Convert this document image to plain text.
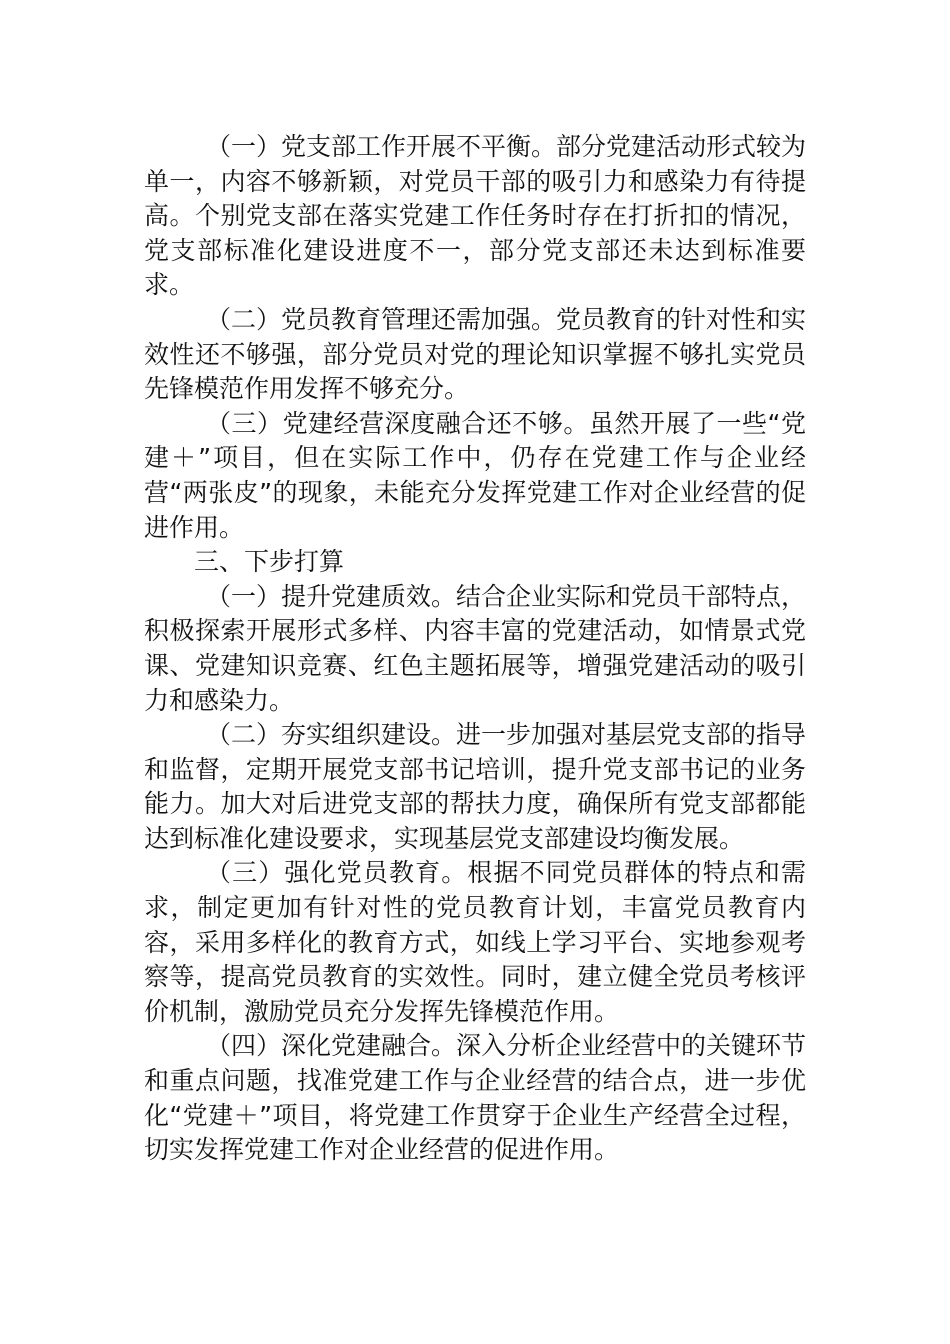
（一）党支部工作开展不平衡。部分党建活动形式较为单一，内容不够新颖，对党员干部的吸引力和感染力有待提高。个别党支部在落实党建工作任务时存在打折扣的情况，党支部标准化建设进度不一，部分党支部还未达到标准要求。

（二）党员教育管理还需加强。党员教育的针对性和实效性还不够强，部分党员对党的理论知识掌握不够扎实党员先锋模范作用发挥不够充分。

（三）党建经营深度融合还不够。虽然开展了一些“党建＋”项目，但在实际工作中，仍存在党建工作与企业经营“两张皮”的现象，未能充分发挥党建工作对企业经营的促进作用。

三、下步打算

（一）提升党建质效。结合企业实际和党员干部特点，积极探索开展形式多样、内容丰富的党建活动，如情景式党课、党建知识竞赛、红色主题拓展等，增强党建活动的吸引力和感染力。

（二）夯实组织建设。进一步加强对基层党支部的指导和监督，定期开展党支部书记培训，提升党支部书记的业务能力。加大对后进党支部的帮扶力度，确保所有党支部都能达到标准化建设要求，实现基层党支部建设均衡发展。

（三）强化党员教育。根据不同党员群体的特点和需求，制定更加有针对性的党员教育计划，丰富党员教育内容，采用多样化的教育方式，如线上学习平台、实地参观考察等，提高党员教育的实效性。同时，建立健全党员考核评价机制，激励党员充分发挥先锋模范作用。

（四）深化党建融合。深入分析企业经营中的关键环节和重点问题，找准党建工作与企业经营的结合点，进一步优化“党建＋”项目，将党建工作贯穿于企业生产经营全过程，切实发挥党建工作对企业经营的促进作用。
